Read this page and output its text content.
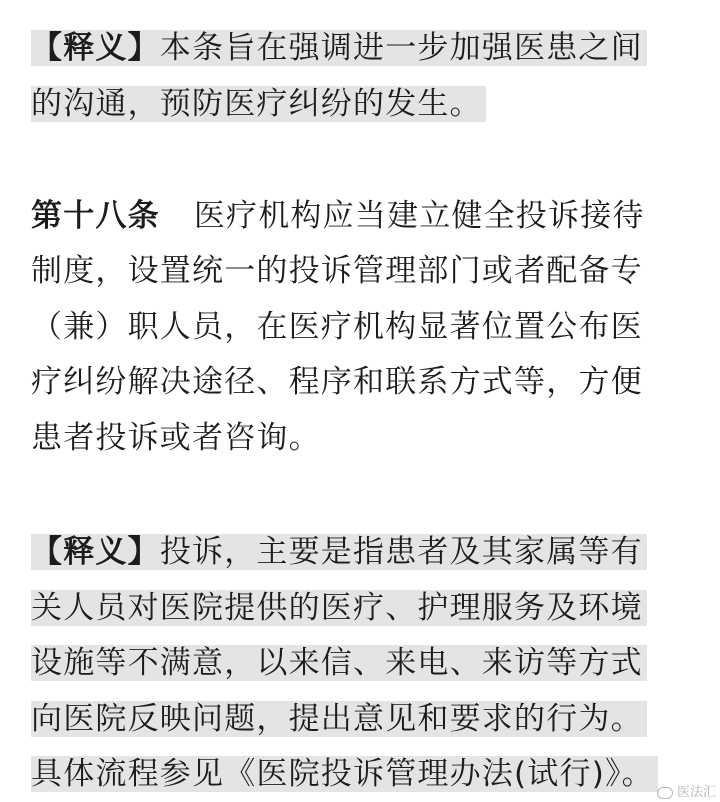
【释义】本条旨在强调进一步加强医患之间
的沟通，预防医疗纠纷的发生。
第十八条 医疗机构应当建立健全投诉接待
制度，设置统一的投诉管理部门或者配备专
（兼）职人员，在医疗机构显著位置公布医
疗纠纷解决途径、程序和联系方式等，方便
患者投诉或者咨询。
【释义】投诉，主要是指患者及其家属等有
关人员对医院提供的医疗、护理服务及环境
设施等不满意，以来信、来电、来访等方式
向医院反映问题，提出意见和要求的行为。
具体流程参见《医院投诉管理办法(试行)》。
医法汇
